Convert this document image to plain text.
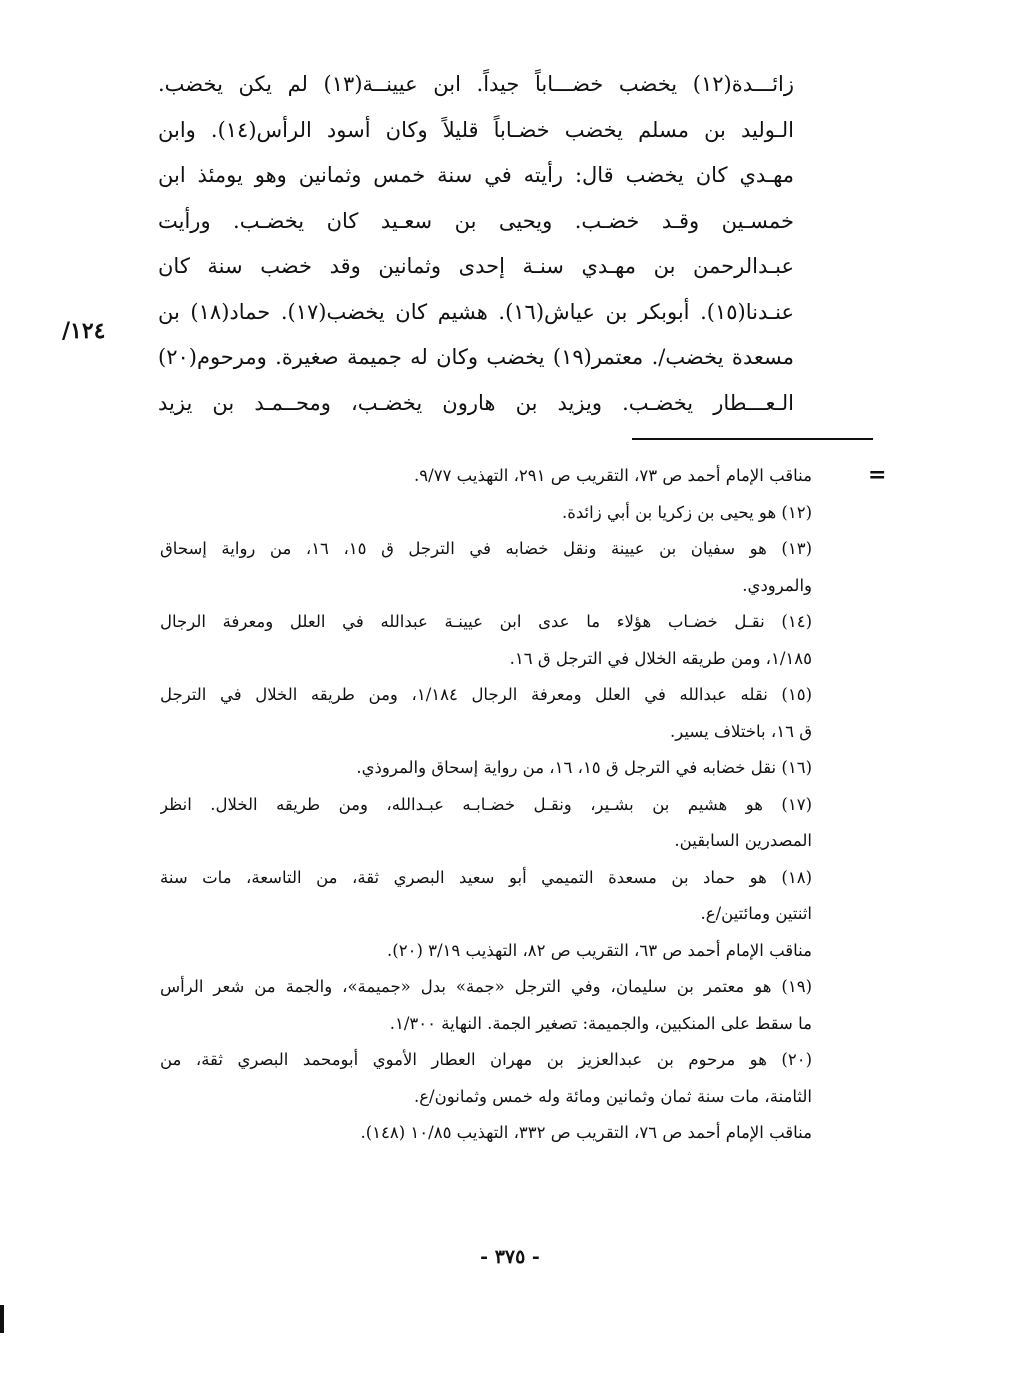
زائـــدة(١٢) يخضب خضـــاباً جيداً. ابن عيينــة(١٣) لم يكن يخضب.
الـوليد بن مسلم يخضب خضـاباً قليلاً وكان أسود الرأس(١٤). وابن
مهـدي كان يخضب قال: رأيته في سنة خمس وثمانين وهو يومئذ ابن
خمسـين وقـد خضـب. ويحيى بن سعـيد كان يخضـب. ورأيت
عبـدالرحمن بن مهـدي سنـة إحدى وثمانين وقد خضب سنة كان
عنـدنا(١٥). أبوبكر بن عياش(١٦). هشيم كان يخضب(١٧). حماد(١٨) بن
مسعدة يخضب/. معتمر(١٩) يخضب وكان له جميمة صغيرة. ومرحوم(٢٠)
الـعـــطار يخضـب. ويزيد بن هارون يخضـب، ومحــمـد بن يزيد
١٢٤/
=
مناقب الإمام أحمد ص ٧٣، التقريب ص ٢٩١، التهذيب ٩/٧٧.
(١٢) هو يحيى بن زكريا بن أبي زائدة.
(١٣) هو سفيان بن عيينة ونقل خضابه في الترجل ق ١٥، ١٦، من رواية إسحاق
والمرودي.
(١٤) نقـل خضـاب هؤلاء ما عدى ابن عيينـة عبدالله في العلل ومعرفة الرجال
١/١٨٥، ومن طريقه الخلال في الترجل ق ١٦.
(١٥) نقله عبدالله في العلل ومعرفة الرجال ١/١٨٤، ومن طريقه الخلال في الترجل
ق ١٦، باختلاف يسير.
(١٦) نقل خضابه في الترجل ق ١٥، ١٦، من رواية إسحاق والمروذي.
(١٧) هو هشيم بن بشـير، ونقـل خضـابـه عبـدالله، ومن طريقه الخلال. انظر
المصدرين السابقين.
(١٨) هو حماد بن مسعدة التميمي أبو سعيد البصري ثقة، من التاسعة، مات سنة
اثنتين ومائتين/ع.
مناقب الإمام أحمد ص ٦٣، التقريب ص ٨٢، التهذيب ٣/١٩ (٢٠).
(١٩) هو معتمر بن سليمان، وفي الترجل «جمة» بدل «جميمة»، والجمة من شعر الرأس
ما سقط على المنكبين، والجميمة: تصغير الجمة. النهاية ١/٣٠٠.
(٢٠) هو مرحوم بن عبدالعزيز بن مهران العطار الأموي أبومحمد البصري ثقة، من
الثامنة، مات سنة ثمان وثمانين ومائة وله خمس وثمانون/ع.
مناقب الإمام أحمد ص ٧٦، التقريب ص ٣٣٢، التهذيب ١٠/٨٥ (١٤٨).
- ٣٧٥ -
